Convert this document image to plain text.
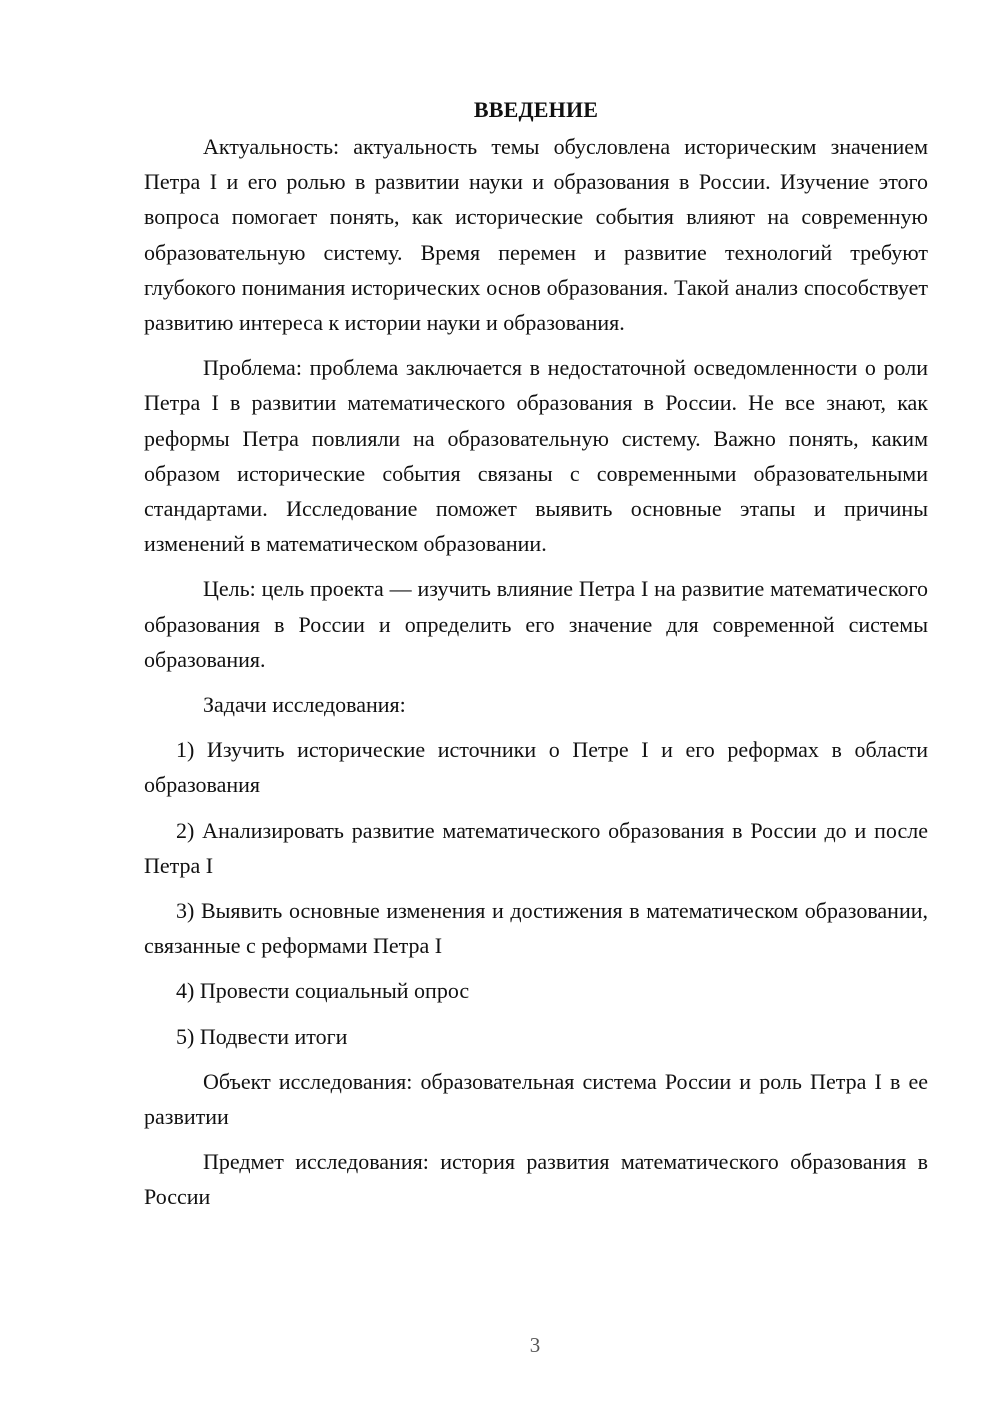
ВВЕДЕНИЕ

Актуальность: актуальность темы обусловлена историческим значением Петра I и его ролью в развитии науки и образования в России. Изучение этого вопроса помогает понять, как исторические события влияют на современную образовательную систему. Время перемен и развитие технологий требуют глубокого понимания исторических основ образования. Такой анализ способствует развитию интереса к истории науки и образования.

Проблема: проблема заключается в недостаточной осведомленности о роли Петра I в развитии математического образования в России. Не все знают, как реформы Петра повлияли на образовательную систему. Важно понять, каким образом исторические события связаны с современными образовательными стандартами. Исследование поможет выявить основные этапы и причины изменений в математическом образовании.

Цель: цель проекта — изучить влияние Петра I на развитие математического образования в России и определить его значение для современной системы образования.

Задачи исследования:

1) Изучить исторические источники о Петре I и его реформах в области образования

2) Анализировать развитие математического образования в России до и после Петра I

3) Выявить основные изменения и достижения в математическом образовании, связанные с реформами Петра I

4) Провести социальный опрос

5) Подвести итоги

Объект исследования: образовательная система России и роль Петра I в ее развитии

Предмет исследования: история развития математического образования в России

3
